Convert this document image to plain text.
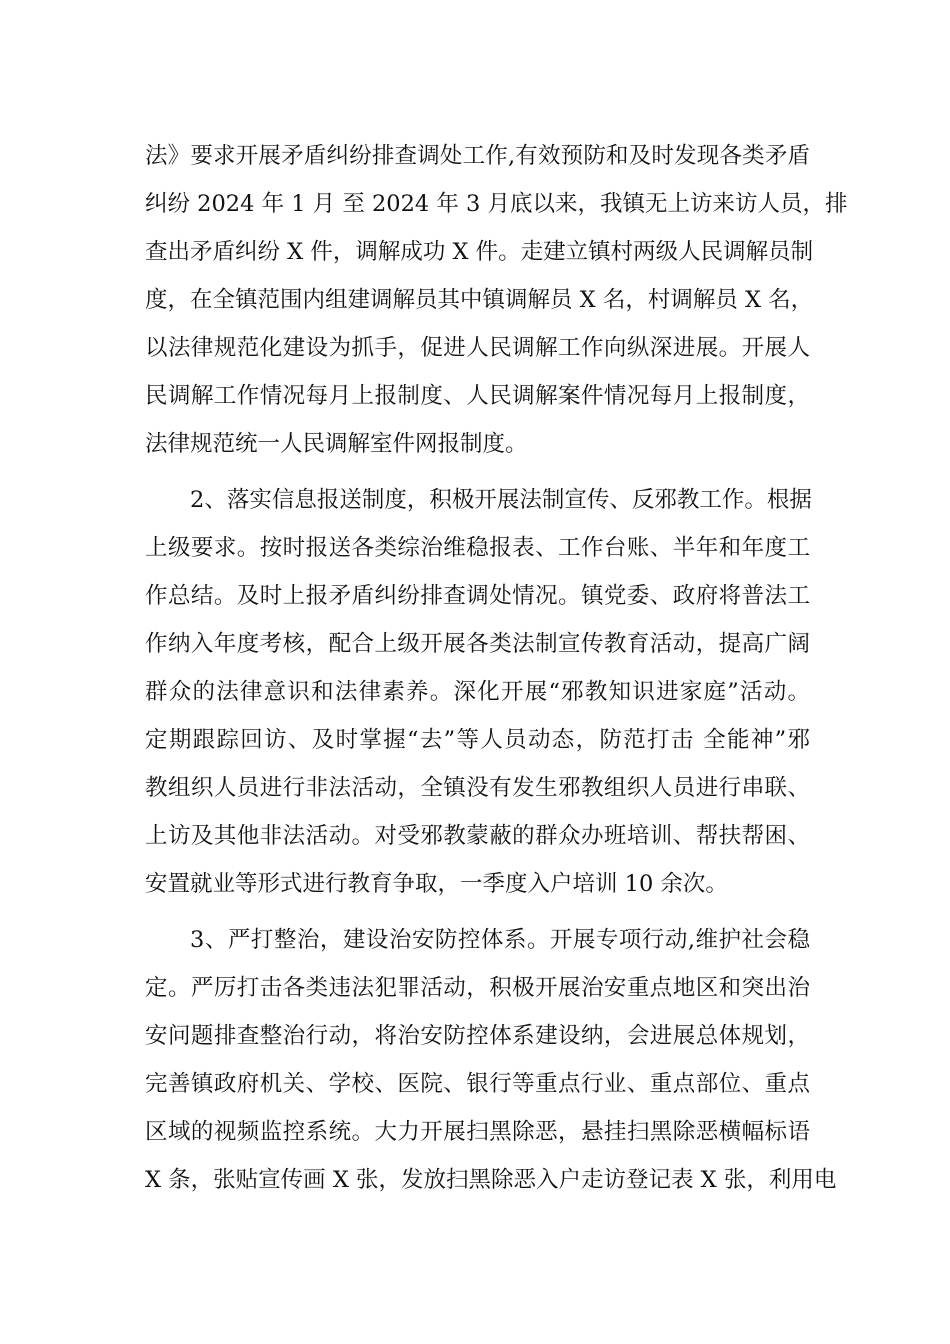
法》要求开展矛盾纠纷排查调处工作,有效预防和及时发现各类矛盾
纠纷 2024 年 1 月 至 2024 年 3 月底以来，我镇无上访来访人员，排
查出矛盾纠纷 X 件，调解成功 X 件。走建立镇村两级人民调解员制
度，在全镇范围内组建调解员其中镇调解员 X 名，村调解员 X 名，
以法律规范化建设为抓手，促进人民调解工作向纵深进展。开展人
民调解工作情况每月上报制度、人民调解案件情况每月上报制度，
法律规范统一人民调解室件网报制度。
2、落实信息报送制度，积极开展法制宣传、反邪教工作。根据
上级要求。按时报送各类综治维稳报表、工作台账、半年和年度工
作总结。及时上报矛盾纠纷排查调处情况。镇党委、政府将普法工
作纳入年度考核，配合上级开展各类法制宣传教育活动，提高广阔
群众的法律意识和法律素养。深化开展“邪教知识进家庭”活动。
定期跟踪回访、及时掌握“去”等人员动态，防范打击 全能神”邪
教组织人员进行非法活动，全镇没有发生邪教组织人员进行串联、
上访及其他非法活动。对受邪教蒙蔽的群众办班培训、帮扶帮困、
安置就业等形式进行教育争取，一季度入户培训 10 余次。
3、严打整治，建设治安防控体系。开展专项行动,维护社会稳
定。严厉打击各类违法犯罪活动，积极开展治安重点地区和突出治
安问题排查整治行动，将治安防控体系建设纳，会进展总体规划，
完善镇政府机关、学校、医院、银行等重点行业、重点部位、重点
区域的视频监控系统。大力开展扫黑除恶，悬挂扫黑除恶横幅标语
X 条，张贴宣传画 X 张，发放扫黑除恶入户走访登记表 X 张，利用电
